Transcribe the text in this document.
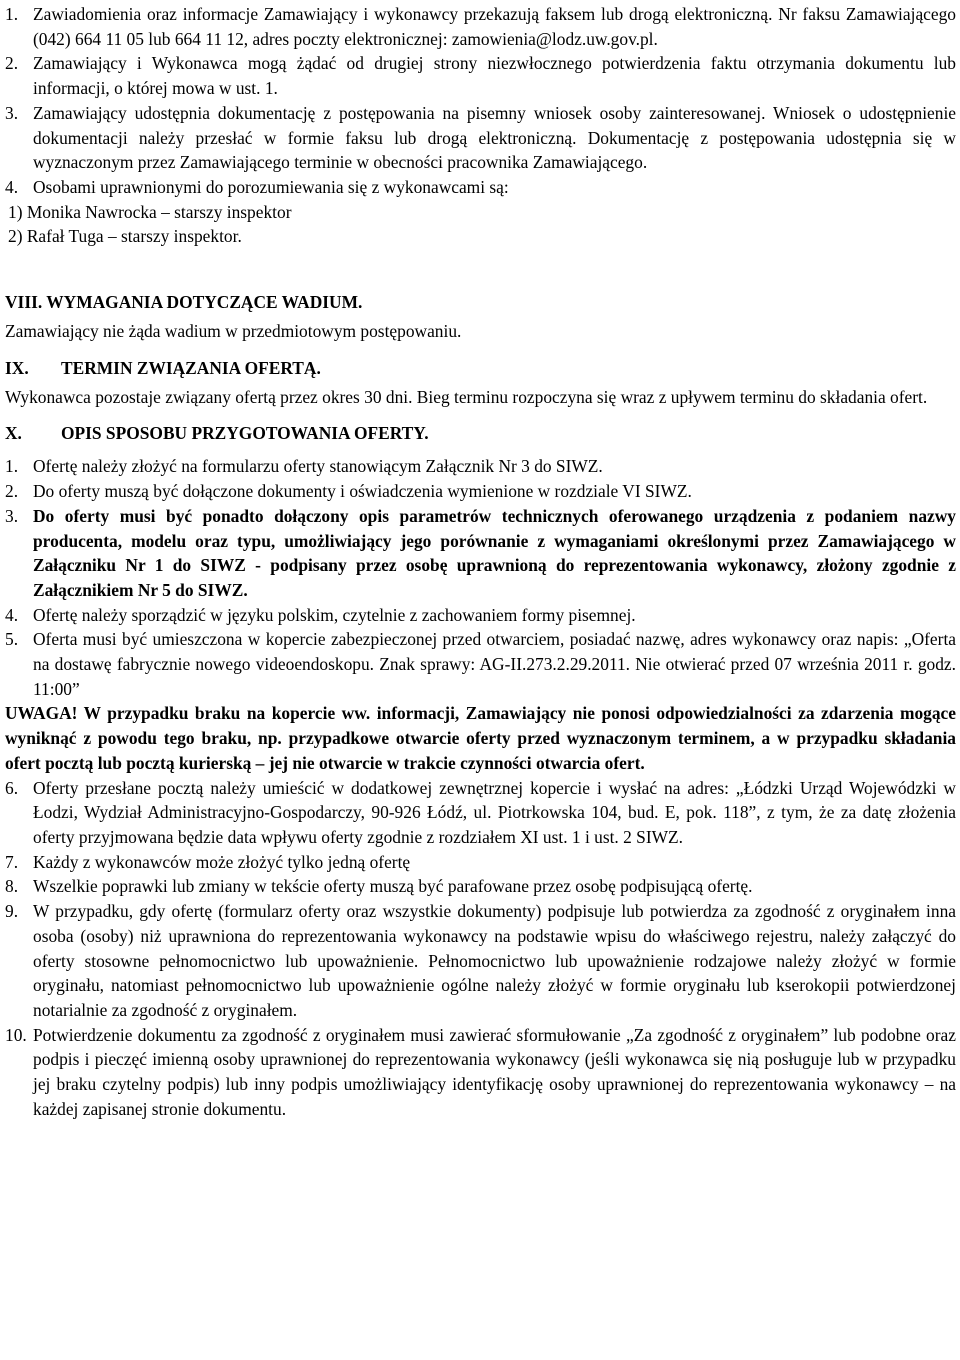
1. Zawiadomienia oraz informacje Zamawiający i wykonawcy przekazują faksem lub drogą elektroniczną. Nr faksu Zamawiającego (042) 664 11 05 lub 664 11 12, adres poczty elektronicznej: zamowienia@lodz.uw.gov.pl.
2. Zamawiający i Wykonawca mogą żądać od drugiej strony niezwłocznego potwierdzenia faktu otrzymania dokumentu lub informacji, o której mowa w ust. 1.
3. Zamawiający udostępnia dokumentację z postępowania na pisemny wniosek osoby zainteresowanej. Wniosek o udostępnienie dokumentacji należy przesłać w formie faksu lub drogą elektroniczną. Dokumentację z postępowania udostępnia się w wyznaczonym przez Zamawiającego terminie w obecności pracownika Zamawiającego.
4. Osobami uprawnionymi do porozumiewania się z wykonawcami są:

1) Monika Nawrocka – starszy inspektor

2) Rafał Tuga – starszy inspektor.

VIII. WYMAGANIA DOTYCZĄCE WADIUM.

Zamawiający nie żąda wadium w przedmiotowym postępowaniu.

IX. TERMIN ZWIĄZANIA OFERTĄ.

Wykonawca pozostaje związany ofertą przez okres 30 dni. Bieg terminu rozpoczyna się wraz z upływem terminu do składania ofert.

X. OPIS SPOSOBU PRZYGOTOWANIA OFERTY.

1. Ofertę należy złożyć na formularzu oferty stanowiącym Załącznik Nr 3 do SIWZ.
2. Do oferty muszą być dołączone dokumenty i oświadczenia wymienione w rozdziale VI SIWZ.
3. Do oferty musi być ponadto dołączony opis parametrów technicznych oferowanego urządzenia z podaniem nazwy producenta, modelu oraz typu, umożliwiający jego porównanie z wymaganiami określonymi przez Zamawiającego w Załączniku Nr 1 do SIWZ - podpisany przez osobę uprawnioną do reprezentowania wykonawcy, złożony zgodnie z Załącznikiem Nr 5 do SIWZ.
4. Ofertę należy sporządzić w języku polskim, czytelnie z zachowaniem formy pisemnej.
5. Oferta musi być umieszczona w kopercie zabezpieczonej przed otwarciem, posiadać nazwę, adres wykonawcy oraz napis: „Oferta na dostawę fabrycznie nowego videoendoskopu. Znak sprawy: AG-II.273.2.29.2011. Nie otwierać przed 07 września 2011 r. godz. 11:00”

UWAGA! W przypadku braku na kopercie ww. informacji, Zamawiający nie ponosi odpowiedzialności za zdarzenia mogące wyniknąć z powodu tego braku, np. przypadkowe otwarcie oferty przed wyznaczonym terminem, a w przypadku składania ofert pocztą lub pocztą kurierską – jej nie otwarcie w trakcie czynności otwarcia ofert.

6. Oferty przesłane pocztą należy umieścić w dodatkowej zewnętrznej kopercie i wysłać na adres: „Łódzki Urząd Wojewódzki w Łodzi, Wydział Administracyjno-Gospodarczy, 90-926 Łódź, ul. Piotrkowska 104, bud. E, pok. 118”, z tym, że za datę złożenia oferty przyjmowana będzie data wpływu oferty zgodnie z rozdziałem XI ust. 1 i ust. 2 SIWZ.
7. Każdy z wykonawców może złożyć tylko jedną ofertę
8. Wszelkie poprawki lub zmiany w tekście oferty muszą być parafowane przez osobę podpisującą ofertę.
9. W przypadku, gdy ofertę (formularz oferty oraz wszystkie dokumenty) podpisuje lub potwierdza za zgodność z oryginałem inna osoba (osoby) niż uprawniona do reprezentowania wykonawcy na podstawie wpisu do właściwego rejestru, należy załączyć do oferty stosowne pełnomocnictwo lub upoważnienie. Pełnomocnictwo lub upoważnienie rodzajowe należy złożyć w formie oryginału, natomiast pełnomocnictwo lub upoważnienie ogólne należy złożyć w formie oryginału lub kserokopii potwierdzonej notarialnie za zgodność z oryginałem.
10. Potwierdzenie dokumentu za zgodność z oryginałem musi zawierać sformułowanie „Za zgodność z oryginałem” lub podobne oraz podpis i pieczęć imienną osoby uprawnionej do reprezentowania wykonawcy (jeśli wykonawca się nią posługuje lub w przypadku jej braku czytelny podpis) lub inny podpis umożliwiający identyfikację osoby uprawnionej do reprezentowania wykonawcy – na każdej zapisanej stronie dokumentu.
